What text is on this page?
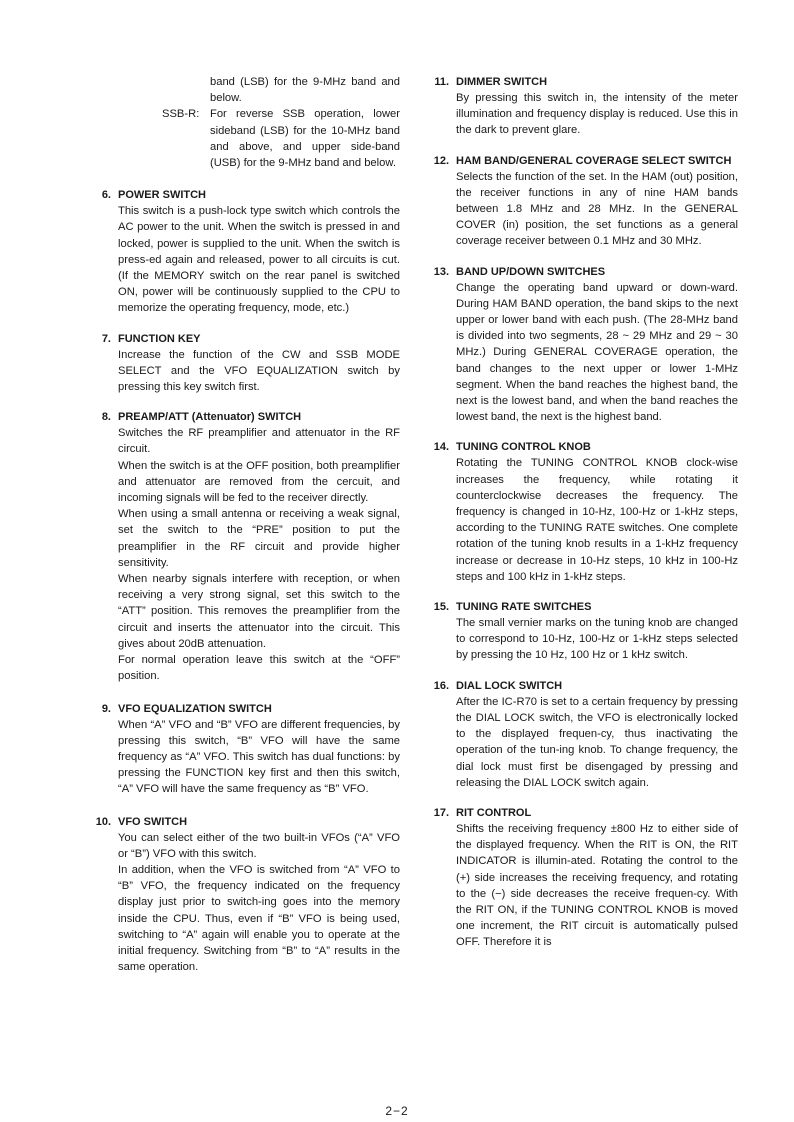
band (LSB) for the 9-MHz band and below.
SSB-R: For reverse SSB operation, lower sideband (LSB) for the 10-MHz band and above, and upper side-band (USB) for the 9-MHz band and below.
6. POWER SWITCH

This switch is a push-lock type switch which controls the AC power to the unit. When the switch is pressed in and locked, power is supplied to the unit. When the switch is press-ed again and released, power to all circuits is cut. (If the MEMORY switch on the rear panel is switched ON, power will be continuously supplied to the CPU to memorize the operating frequency, mode, etc.)

7. FUNCTION KEY

Increase the function of the CW and SSB MODE SELECT and the VFO EQUALIZATION switch by pressing this key switch first.

8. PREAMP/ATT (Attenuator) SWITCH

Switches the RF preamplifier and attenuator in the RF circuit.

When the switch is at the OFF position, both preamplifier and attenuator are removed from the cercuit, and incoming signals will be fed to the receiver directly.

When using a small antenna or receiving a weak signal, set the switch to the “PRE” position to put the preamplifier in the RF circuit and provide higher sensitivity.

When nearby signals interfere with reception, or when receiving a very strong signal, set this switch to the “ATT” position. This removes the preamplifier from the circuit and inserts the attenuator into the circuit. This gives about 20dB attenuation.

For normal operation leave this switch at the “OFF” position.

9. VFO EQUALIZATION SWITCH

When “A” VFO and “B” VFO are different frequencies, by pressing this switch, “B” VFO will have the same frequency as “A” VFO. This switch has dual functions: by pressing the FUNCTION key first and then this switch, “A” VFO will have the same frequency as “B” VFO.

10. VFO SWITCH

You can select either of the two built-in VFOs (“A” VFO or “B”) VFO with this switch.

In addition, when the VFO is switched from “A” VFO to “B” VFO, the frequency indicated on the frequency display just prior to switch-ing goes into the memory inside the CPU. Thus, even if “B” VFO is being used, switching to “A” again will enable you to operate at the initial frequency. Switching from “B” to “A” results in the same operation.

11. DIMMER SWITCH

By pressing this switch in, the intensity of the meter illumination and frequency display is reduced. Use this in the dark to prevent glare.

12. HAM BAND/GENERAL COVERAGE SELECT SWITCH

Selects the function of the set. In the HAM (out) position, the receiver functions in any of nine HAM bands between 1.8 MHz and 28 MHz. In the GENERAL COVER (in) position, the set functions as a general coverage receiver between 0.1 MHz and 30 MHz.

13. BAND UP/DOWN SWITCHES

Change the operating band upward or down-ward. During HAM BAND operation, the band skips to the next upper or lower band with each push. (The 28-MHz band is divided into two segments, 28 ~ 29 MHz and 29 ~ 30 MHz.) During GENERAL COVERAGE operation, the band changes to the next upper or lower 1-MHz segment. When the band reaches the highest band, the next is the lowest band, and when the band reaches the lowest band, the next is the highest band.

14. TUNING CONTROL KNOB

Rotating the TUNING CONTROL KNOB clock-wise increases the frequency, while rotating it counterclockwise decreases the frequency. The frequency is changed in 10-Hz, 100-Hz or 1-kHz steps, according to the TUNING RATE switches. One complete rotation of the tuning knob results in a 1-kHz frequency increase or decrease in 10-Hz steps, 10 kHz in 100-Hz steps and 100 kHz in 1-kHz steps.

15. TUNING RATE SWITCHES

The small vernier marks on the tuning knob are changed to correspond to 10-Hz, 100-Hz or 1-kHz steps selected by pressing the 10 Hz, 100 Hz or 1 kHz switch.

16. DIAL LOCK SWITCH

After the IC-R70 is set to a certain frequency by pressing the DIAL LOCK switch, the VFO is electronically locked to the displayed frequen-cy, thus inactivating the operation of the tun-ing knob. To change frequency, the dial lock must first be disengaged by pressing and releasing the DIAL LOCK switch again.

17. RIT CONTROL

Shifts the receiving frequency ±800 Hz to either side of the displayed frequency. When the RIT is ON, the RIT INDICATOR is illumin-ated. Rotating the control to the (+) side increases the receiving frequency, and rotating to the (−) side decreases the receive frequen-cy. With the RIT ON, if the TUNING CONTROL KNOB is moved one increment, the RIT circuit is automatically pulsed OFF. Therefore it is

2−2
